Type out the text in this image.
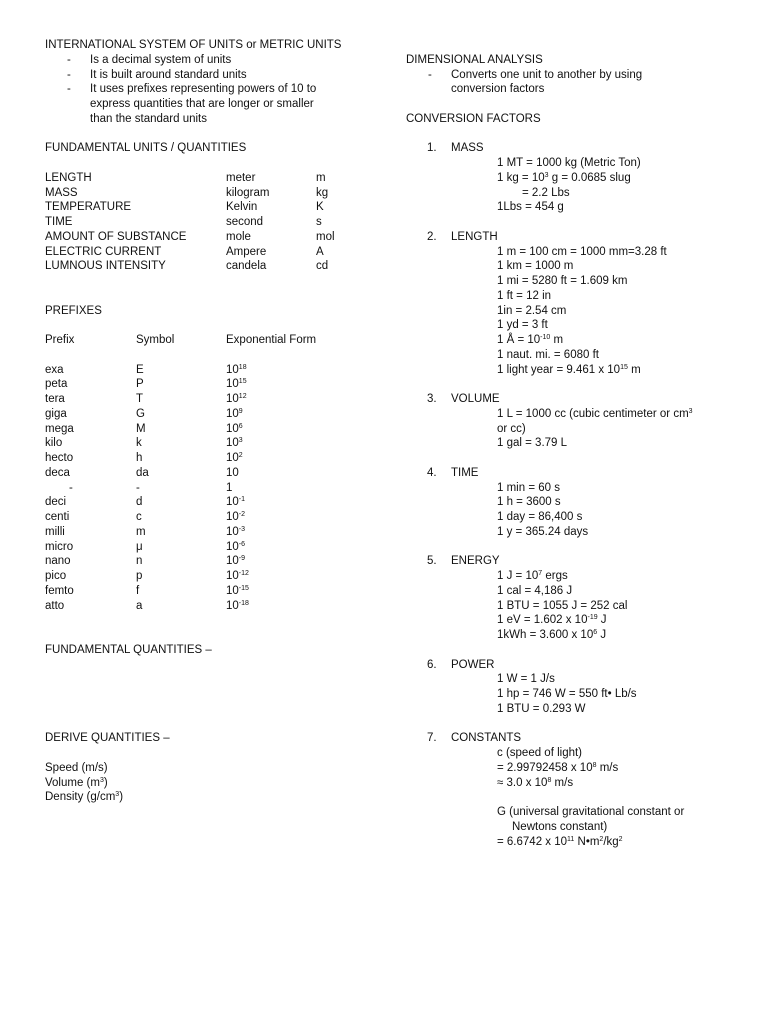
INTERNATIONAL SYSTEM OF UNITS or METRIC UNITS
- Is a decimal system of units
- It is built around standard units
- It uses prefixes representing powers of 10 to
express quantities that are longer or smaller
than the standard units
FUNDAMENTAL UNITS / QUANTITIES
LENGTH	meter	m
MASS	kilogram	kg
TEMPERATURE	Kelvin	K
TIME	second	s
AMOUNT OF SUBSTANCE	mole	mol
ELECTRIC CURRENT	Ampere	A
LUMNOUS INTENSITY	candela	cd
PREFIXES
Prefix	Symbol	Exponential Form
exa	E	$10^{18}$
peta	P	$10^{15}$
tera	T	$10^{12}$
giga	G	$10^9$
mega	M	$10^6$
kilo	k	$10^3$
hecto	h	$10^2$
deca	da	10
-	-	1
deci	d	$10^{-1}$
centi	c	$10^{-2}$
milli	m	$10^{-3}$
micro	μ	$10^{-6}$
nano	n	$10^{-9}$
pico	p	$10^{-12}$
femto	f	$10^{-15}$
atto	a	$10^{-18}$
FUNDAMENTAL QUANTITIES –
DERIVE QUANTITIES –
Speed (m/s)
Volume $(m^3)$
Density $(g/cm^3)$
DIMENSIONAL ANALYSIS
- Converts one unit to another by using
conversion factors
CONVERSION FACTORS
1. MASS
1 MT = 1000 kg (Metric Ton)
1 kg = $10^3$ g = 0.0685 slug
= 2.2 Lbs
1Lbs = 454 g
2. LENGTH
1 m = 100 cm = 1000 mm=3.28 ft
1 km = 1000 m
1 mi = 5280 ft = 1.609 km
1 ft = 12 in
1in = 2.54 cm
1 yd = 3 ft
1 Å = $10^{-10}$ m
1 naut. mi. = 6080 ft
1 light year = 9.461 x $10^{15}$ m
3. VOLUME
1 L = 1000 cc (cubic centimeter or $cm^3$
or cc)
1 gal = 3.79 L
4. TIME
1 min = 60 s
1 h = 3600 s
1 day = 86,400 s
1 y = 365.24 days
5. ENERGY
1 $J = 10^7$ ergs
1 cal = 4,186 J
1 BTU = 1055 J = 252 cal
1 eV = 1.602 x $10^{-19}$ J
1kWh = 3.600 x $10^6$ J
6. POWER
1 W = 1 J/s
1 hp = 746 W = 550 ft• Lb/s
1 BTU = 0.293 W
7. CONSTANTS
c (speed of light)
= 2.99792458 x $10^8$ m/s
≈ 3.0 x $10^8$ m/s
G (universal gravitational constant or
Newtons constant)
= 6.6742 x $10^{11}$ $N•m^2/kg^2$
